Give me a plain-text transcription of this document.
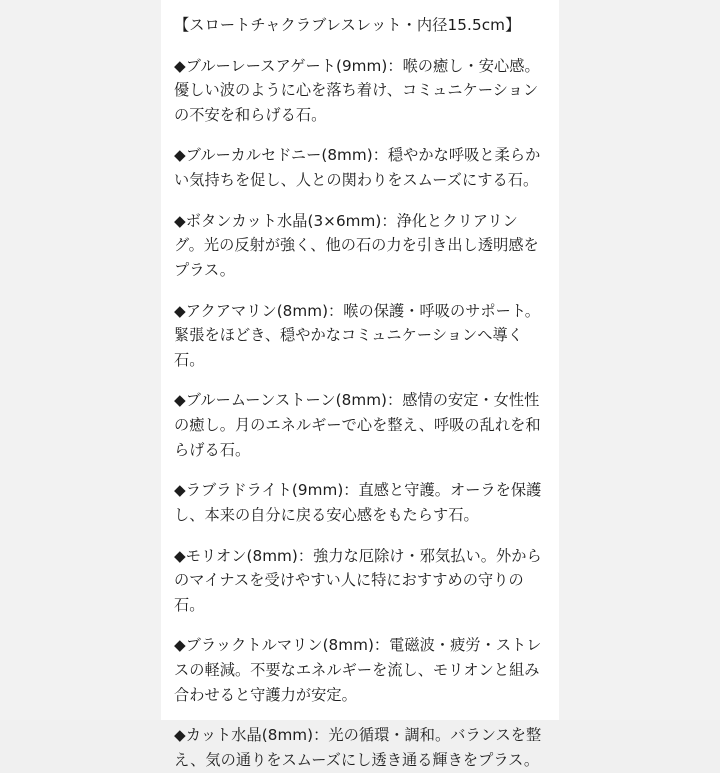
【スロートチャクラブレスレット・内径15.5cm】
◆ブルーレースアゲート(9mm)：喉の癒し・安心感。優しい波のように心を落ち着け、コミュニケーションの不安を和らげる石。
◆ブルーカルセドニー(8mm)：穏やかな呼吸と柔らかい気持ちを促し、人との関わりをスムーズにする石。
◆ボタンカット水晶(3×6mm)：浄化とクリアリング。光の反射が強く、他の石の力を引き出し透明感をプラス。
◆アクアマリン(8mm)：喉の保護・呼吸のサポート。緊張をほどき、穏やかなコミュニケーションへ導く石。
◆ブルームーンストーン(8mm)：感情の安定・女性性の癒し。月のエネルギーで心を整え、呼吸の乱れを和らげる石。
◆ラブラドライト(9mm)：直感と守護。オーラを保護し、本来の自分に戻る安心感をもたらす石。
◆モリオン(8mm)：強力な厄除け・邪気払い。外からのマイナスを受けやすい人に特におすすめの守りの石。
◆ブラックトルマリン(8mm)：電磁波・疲労・ストレスの軽減。不要なエネルギーを流し、モリオンと組み合わせると守護力が安定。
◆カット水晶(8mm)：光の循環・調和。バランスを整え、気の通りをスムーズにし透き通る輝きをプラス。
